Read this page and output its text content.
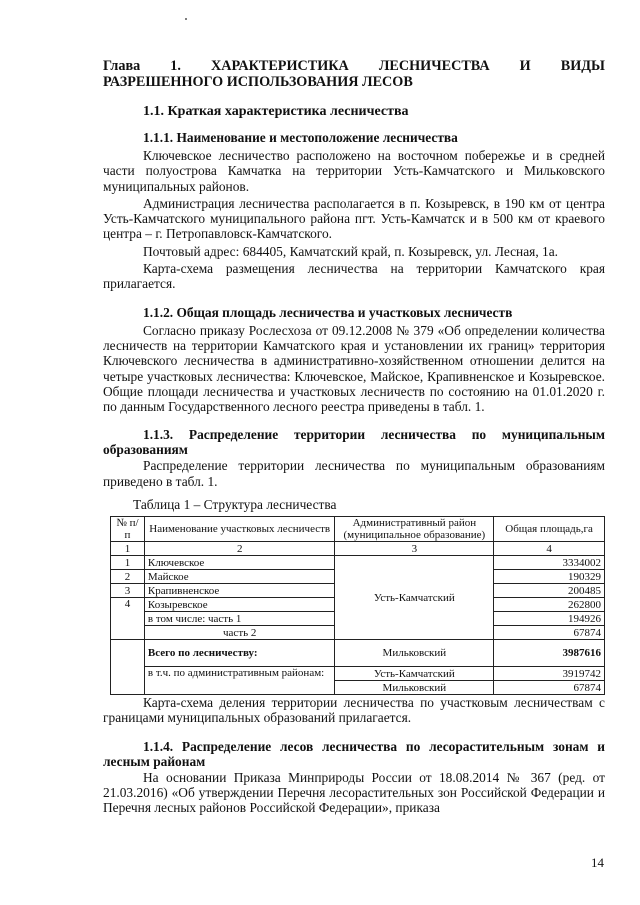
Глава 1. ХАРАКТЕРИСТИКА ЛЕСНИЧЕСТВА И ВИДЫ
РАЗРЕШЕННОГО ИСПОЛЬЗОВАНИЯ ЛЕСОВ
1.1. Краткая характеристика лесничества
1.1.1. Наименование и местоположение лесничества

Ключевское лесничество расположено на восточном побережье и в средней части полуострова Камчатка на территории Усть-Камчатского и Мильковского муниципальных районов.

Администрация лесничества располагается в п. Козыревск, в 190 км от центра Усть-Камчатского муниципального района пгт. Усть-Камчатск и в 500 км от краевого центра – г. Петропавловск-Камчатского.

Почтовый адрес: 684405, Камчатский край, п. Козыревск, ул. Лесная, 1а.

Карта-схема размещения лесничества на территории Камчатского края прилагается.

1.1.2. Общая площадь лесничества и участковых лесничеств

Согласно приказу Рослесхоза от 09.12.2008 № 379 «Об определении количества лесничеств на территории Камчатского края и установлении их границ» территория Ключевского лесничества в административно-хозяйственном отношении делится на четыре участковых лесничества: Ключевское, Майское, Крапивненское и Козыревское. Общие площади лесничества и участковых лесничеств по состоянию на 01.01.2020 г. по данным Государственного лесного реестра приведены в табл. 1.

1.1.3. Распределение территории лесничества по муниципальным образованиям

Распределение территории лесничества по муниципальным образованиям приведено в табл. 1.

Таблица 1 – Структура лесничества
№ п/п	Наименование участковых лесничеств	Административный район (муниципальное образование)	Общая площадь,га
1	2	3	4
1	Ключевское	Усть-Камчатский	3334002
2	Майское		190329
3	Крапивненское		200485
4	Козыревское		262800
	в том числе: часть 1		194926
	часть 2		67874
	Всего по лесничеству:	Мильковский	3987616
	в т.ч. по административным районам:	Усть-Камчатский	3919742
		Мильковский	67874

Карта-схема деления территории лесничества по участковым лесничествам с границами муниципальных образований прилагается.

1.1.4. Распределение лесов лесничества по лесорастительным зонам и лесным районам

На основании Приказа Минприроды России от 18.08.2014 № 367 (ред. от 21.03.2016) «Об утверждении Перечня лесорастительных зон Российской Федерации и Перечня лесных районов Российской Федерации», приказа

14
